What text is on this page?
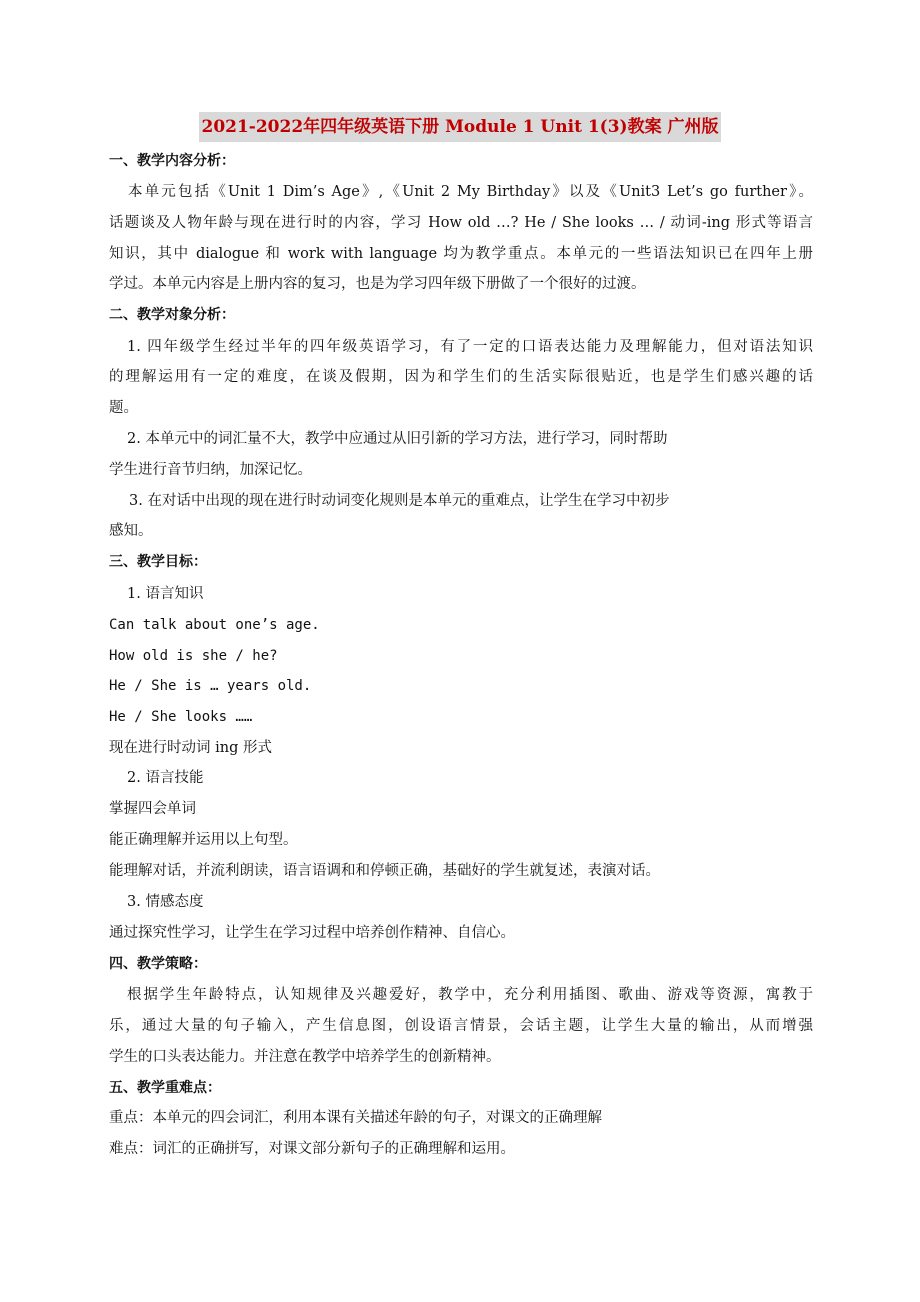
2021-2022年四年级英语下册 Module 1 Unit 1(3)教案 广州版
一、教学内容分析：
本单元包括《Unit 1 Dim’s Age》,《Unit 2 My Birthday》以及《Unit3 Let’s go further》。
话题谈及人物年龄与现在进行时的内容，学习 How old …? He / She looks … / 动词-ing 形式等语言
知识，其中 dialogue 和 work with language 均为教学重点。本单元的一些语法知识已在四年上册
学过。本单元内容是上册内容的复习，也是为学习四年级下册做了一个很好的过渡。
二、教学对象分析：
1. 四年级学生经过半年的四年级英语学习，有了一定的口语表达能力及理解能力，但对语法知识
的理解运用有一定的难度，在谈及假期，因为和学生们的生活实际很贴近，也是学生们感兴趣的话
题。
2. 本单元中的词汇量不大，教学中应通过从旧引新的学习方法，进行学习，同时帮助
学生进行音节归纳，加深记忆。
3. 在对话中出现的现在进行时动词变化规则是本单元的重难点，让学生在学习中初步
感知。
三、教学目标：
1. 语言知识
Can talk about one’s age.
How old is she / he?
He / She is … years old.
He / She looks ……
现在进行时动词 ing 形式
2. 语言技能
掌握四会单词
能正确理解并运用以上句型。
能理解对话，并流利朗读，语言语调和和停顿正确，基础好的学生就复述，表演对话。
3. 情感态度
通过探究性学习，让学生在学习过程中培养创作精神、自信心。
四、教学策略：
根据学生年龄特点，认知规律及兴趣爱好，教学中，充分利用插图、歌曲、游戏等资源，寓教于
乐，通过大量的句子输入，产生信息图，创设语言情景，会话主题，让学生大量的输出，从而增强
学生的口头表达能力。并注意在教学中培养学生的创新精神。
五、教学重难点：
重点：本单元的四会词汇，利用本课有关描述年龄的句子，对课文的正确理解
难点：词汇的正确拼写，对课文部分新句子的正确理解和运用。
